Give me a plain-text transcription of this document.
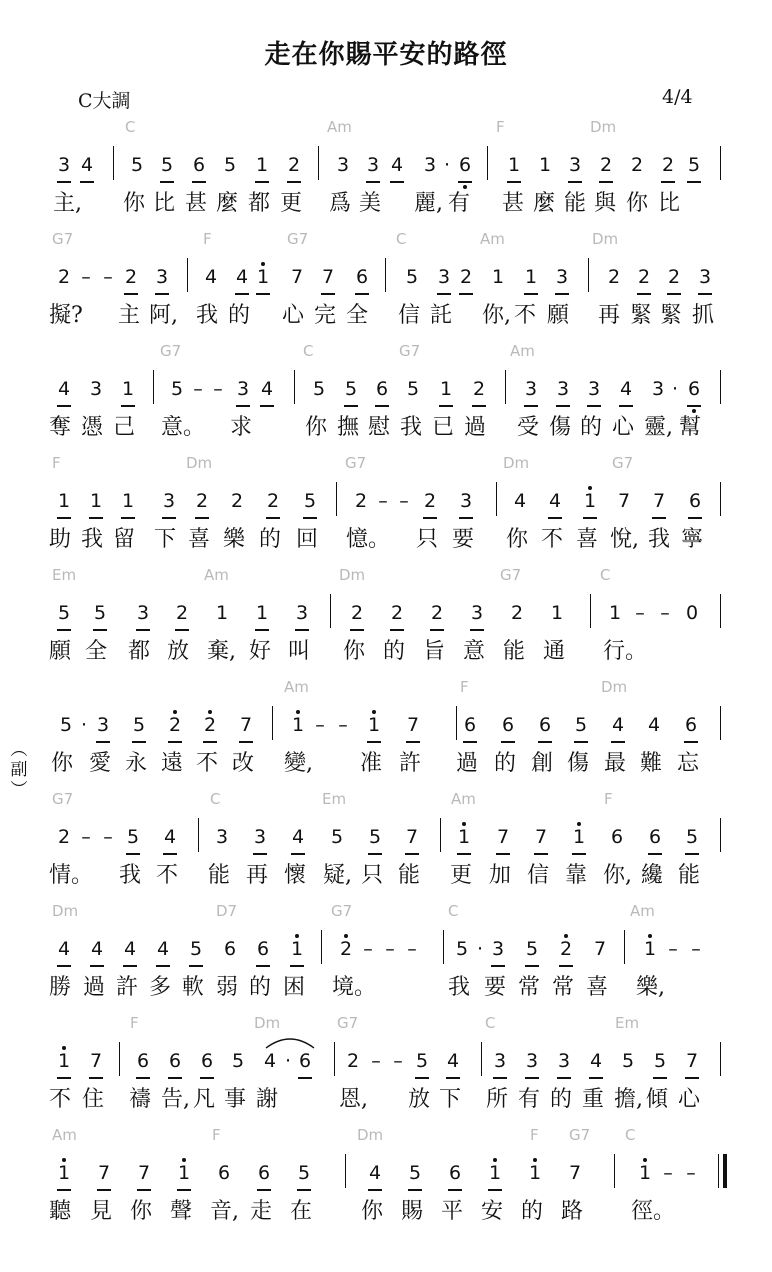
走在你賜平安的路徑
C大調	4/4
︵
副
︶
C	Am	F	Dm
3 4 5 5 6 5 1 2 3 3 4 3 · 6 1 1 3 2 2 2 5
主, 你 比 甚 麼 都 更 爲 美 麗, 有 甚 麼 能 與 你 比
G7	F	G7	C	Am	Dm
2 – – 2 3 4 4 1 7 7 6 5 3 2 1 1 3 2 2 2 3
擬? 主 阿, 我 的 心 完 全 信 託 你, 不 願 再 緊 緊 抓
G7	C	G7	Am
4 3 1 5 – – 3 4 5 5 6 5 1 2 3 3 3 4 3 · 6
奪 憑 己 意。 求 你 撫 慰 我 已 過 受 傷 的 心 靈, 幫
F	Dm	G7	Dm	G7
1 1 1 3 2 2 2 5 2 – – 2 3 4 4 1 7 7 6
助 我 留 下 喜 樂 的 回 憶。 只 要 你 不 喜 悅, 我 寧
Em	Am	Dm	G7	C
5 5 3 2 1 1 3 2 2 2 3 2 1 1 – – 0
願 全 都 放 棄, 好 叫 你 的 旨 意 能 通 行。
Am	F	Dm
5 · 3 5 2 2 7 1 – – 1 7 6 6 6 5 4 4 6
你 愛 永 遠 不 改 變, 准 許 過 的 創 傷 最 難 忘
G7	C	Em	Am	F
2 – – 5 4 3 3 4 5 5 7 1 7 7 1 6 6 5
情。 我 不 能 再 懷 疑, 只 能 更 加 信 靠 你, 纔 能
Dm	D7	G7	C	Am
4 4 4 4 5 6 6 1 2 – – – 5 · 3 5 2 7 1 – –
勝 過 許 多 軟 弱 的 困 境。	我 要 常 常 喜 樂,
F	Dm	G7	C	Em
1 7 6 6 6 5 4 · 6 2 – – 5 4 3 3 3 4 5 5 7
不 住 禱 告, 凡 事 謝	恩, 放 下 所 有 的 重 擔, 傾 心
Am	F	Dm	F G7 C
1 7 7 1 6 6 5	4 5 6 1 1 7	1 – –
聽 見 你 聲 音, 走 在 你 賜 平 安 的 路 徑。
